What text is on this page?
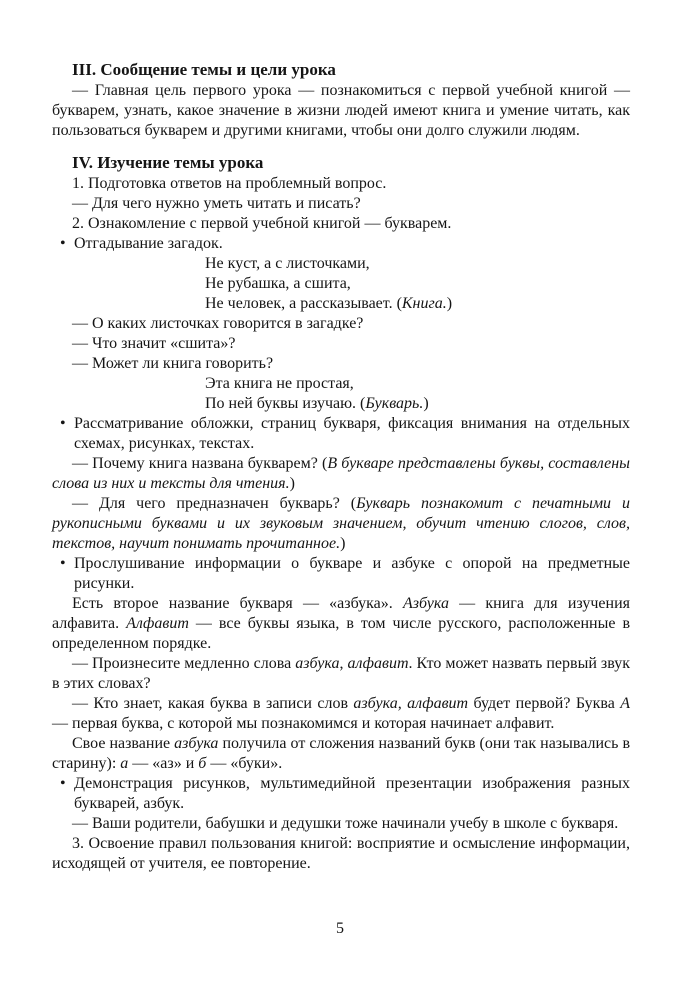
III. Сообщение темы и цели урока
— Главная цель первого урока — познакомиться с первой учебной книгой — букварем, узнать, какое значение в жизни людей имеют книга и умение читать, как пользоваться букварем и другими книгами, чтобы они долго служили людям.
IV. Изучение темы урока
1. Подготовка ответов на проблемный вопрос.
— Для чего нужно уметь читать и писать?
2. Ознакомление с первой учебной книгой — букварем.
• Отгадывание загадок.
Не куст, а с листочками,
Не рубашка, а сшита,
Не человек, а рассказывает. (Книга.)
— О каких листочках говорится в загадке?
— Что значит «сшита»?
— Может ли книга говорить?
Эта книга не простая,
По ней буквы изучаю. (Букварь.)
• Рассматривание обложки, страниц букваря, фиксация внимания на отдельных схемах, рисунках, текстах.
— Почему книга названа букварем? (В букваре представлены буквы, составлены слова из них и тексты для чтения.)
— Для чего предназначен букварь? (Букварь познакомит с печатными и рукописными буквами и их звуковым значением, обучит чтению слогов, слов, текстов, научит понимать прочитанное.)
• Прослушивание информации о букваре и азбуке с опорой на предметные рисунки.
Есть второе название букваря — «азбука». Азбука — книга для изучения алфавита. Алфавит — все буквы языка, в том числе русского, расположенные в определенном порядке.
— Произнесите медленно слова азбука, алфавит. Кто может назвать первый звук в этих словах?
— Кто знает, какая буква в записи слов азбука, алфавит будет первой? Буква А — первая буква, с которой мы познакомимся и которая начинает алфавит.
Свое название азбука получила от сложения названий букв (они так назывались в старину): а — «аз» и б — «буки».
• Демонстрация рисунков, мультимедийной презентации изображения разных букварей, азбук.
— Ваши родители, бабушки и дедушки тоже начинали учебу в школе с букваря.
3. Освоение правил пользования книгой: восприятие и осмысление информации, исходящей от учителя, ее повторение.
5
